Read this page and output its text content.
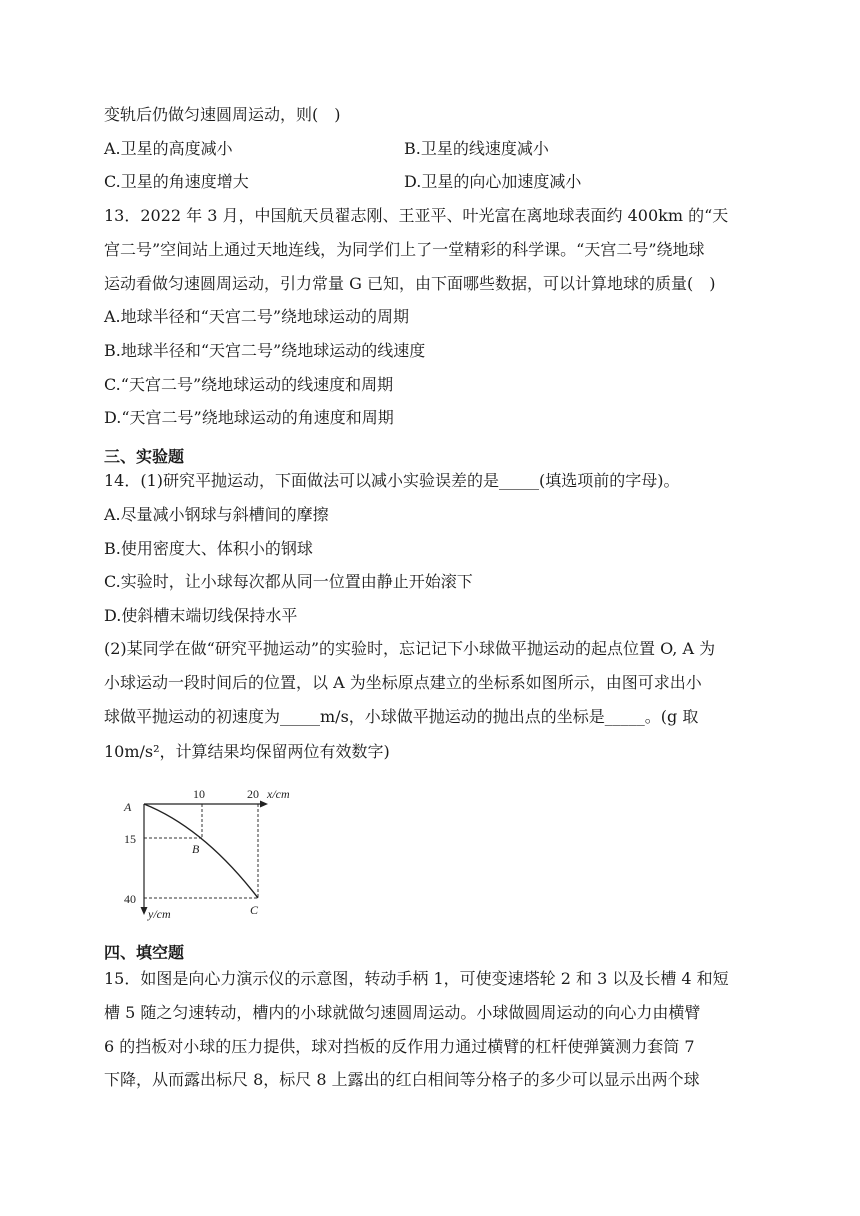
变轨后仍做匀速圆周运动，则(　)
A.卫星的高度减小	B.卫星的线速度减小
C.卫星的角速度增大	D.卫星的向心加速度减小
13．2022 年 3 月，中国航天员翟志刚、王亚平、叶光富在离地球表面约 400km 的“天
宫二号”空间站上通过天地连线，为同学们上了一堂精彩的科学课。“天宫二号”绕地球
运动看做匀速圆周运动，引力常量 G 已知，由下面哪些数据，可以计算地球的质量(　)
A.地球半径和“天宫二号”绕地球运动的周期
B.地球半径和“天宫二号”绕地球运动的线速度
C.“天宫二号”绕地球运动的线速度和周期
D.“天宫二号”绕地球运动的角速度和周期
三、实验题
14．(1)研究平抛运动，下面做法可以减小实验误差的是_____(填选项前的字母)。
A.尽量减小钢球与斜槽间的摩擦
B.使用密度大、体积小的钢球
C.实验时，让小球每次都从同一位置由静止开始滚下
D.使斜槽末端切线保持水平
(2)某同学在做“研究平抛运动”的实验时，忘记记下小球做平抛运动的起点位置 O, A 为
小球运动一段时间后的位置，以 A 为坐标原点建立的坐标系如图所示，由图可求出小
球做平抛运动的初速度为_____m/s，小球做平抛运动的抛出点的坐标是_____。(g 取
10m/s²，计算结果均保留两位有效数字)
A
10	20 x/cm
15
40
y/cm
B
C
四、填空题
15．如图是向心力演示仪的示意图，转动手柄 1，可使变速塔轮 2 和 3 以及长槽 4 和短
槽 5 随之匀速转动，槽内的小球就做匀速圆周运动。小球做圆周运动的向心力由横臂
6 的挡板对小球的压力提供，球对挡板的反作用力通过横臂的杠杆使弹簧测力套筒 7
下降，从而露出标尺 8，标尺 8 上露出的红白相间等分格子的多少可以显示出两个球
